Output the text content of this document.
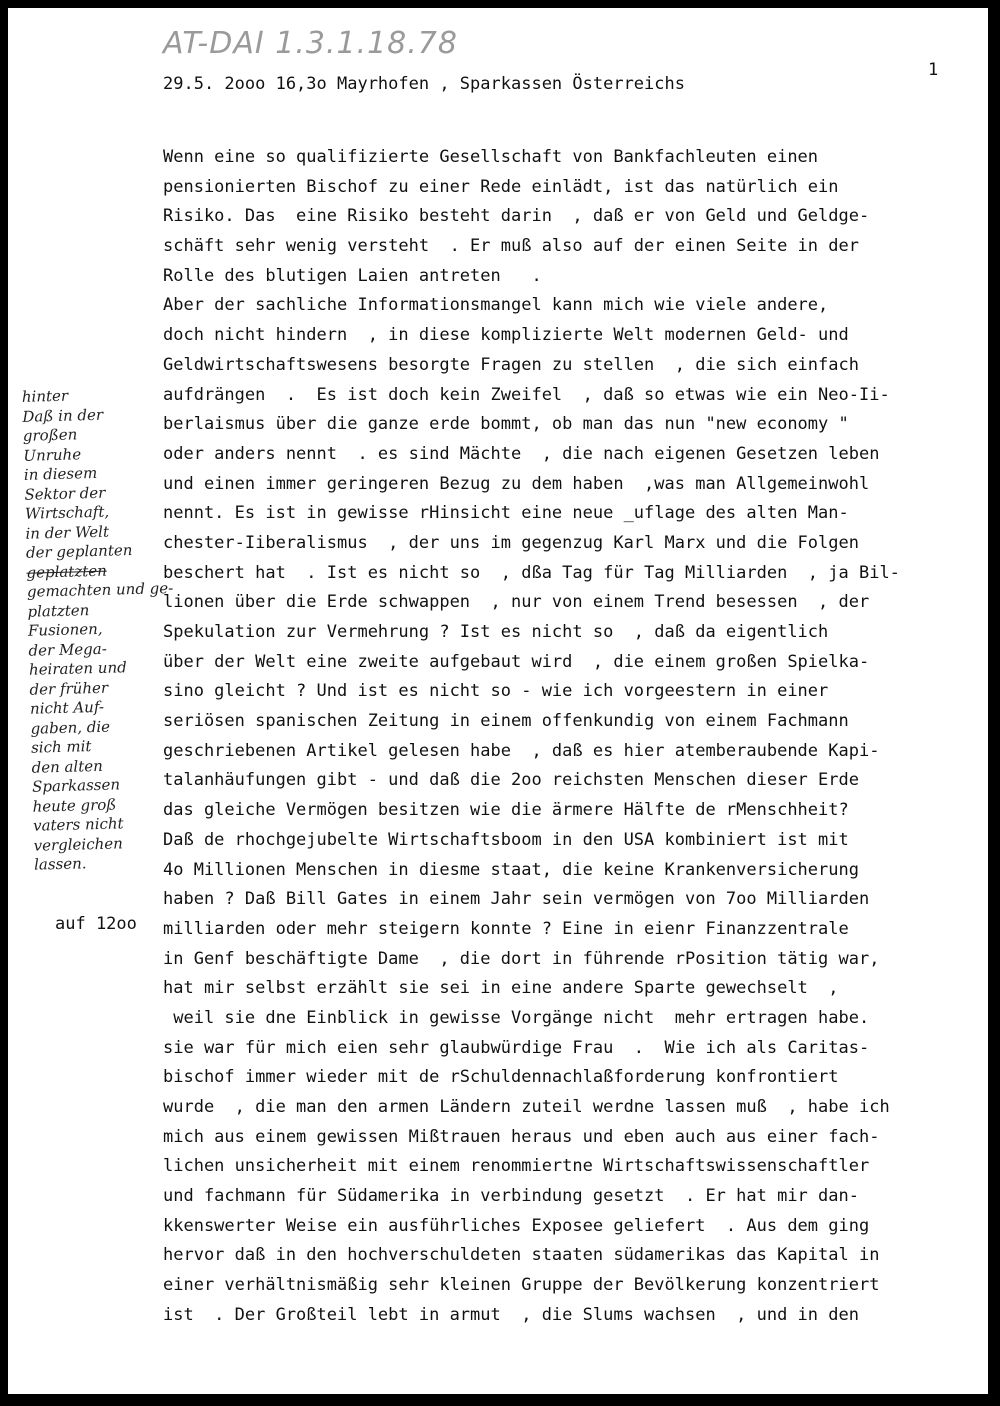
AT-DAI 1.3.1.18.78
1
29.5. 2ooo 16,3o Mayrhofen , Sparkassen Österreichs
Wenn eine so qualifizierte Gesellschaft von Bankfachleuten einen
pensionierten Bischof zu einer Rede einlädt, ist das natürlich ein
Risiko. Das  eine Risiko besteht darin  , daß er von Geld und Geldge-
schäft sehr wenig versteht  . Er muß also auf der einen Seite in der
Rolle des blutigen Laien antreten   .
Aber der sachliche Informationsmangel kann mich wie viele andere,
doch nicht hindern  , in diese komplizierte Welt modernen Geld- und
Geldwirtschaftswesens besorgte Fragen zu stellen  , die sich einfach
aufdrängen  .  Es ist doch kein Zweifel  , daß so etwas wie ein Neo-Ii-
berlaismus über die ganze erde bommt, ob man das nun "new economy "
oder anders nennt  . es sind Mächte  , die nach eigenen Gesetzen leben
und einen immer geringeren Bezug zu dem haben  ,was man Allgemeinwohl
nennt. Es ist in gewisse rHinsicht eine neue _uflage des alten Man-
chester-Iiberalismus  , der uns im gegenzug Karl Marx und die Folgen
beschert hat  . Ist es nicht so  , dßa Tag für Tag Milliarden  , ja Bil-
lionen über die Erde schwappen  , nur von einem Trend besessen  , der
Spekulation zur Vermehrung ? Ist es nicht so  , daß da eigentlich
über der Welt eine zweite aufgebaut wird  , die einem großen Spielka-
sino gleicht ? Und ist es nicht so - wie ich vorgeestern in einer
seriösen spanischen Zeitung in einem offenkundig von einem Fachmann
geschriebenen Artikel gelesen habe  , daß es hier atemberaubende Kapi-
talanhäufungen gibt - und daß die 2oo reichsten Menschen dieser Erde
das gleiche Vermögen besitzen wie die ärmere Hälfte de rMenschheit?
Daß de rhochgejubelte Wirtschaftsboom in den USA kombiniert ist mit
4o Millionen Menschen in diesme staat, die keine Krankenversicherung
haben ? Daß Bill Gates in einem Jahr sein vermögen von 7oo Milliarden
milliarden oder mehr steigern konnte ? Eine in eienr Finanzzentrale
in Genf beschäftigte Dame  , die dort in führende rPosition tätig war,
hat mir selbst erzählt sie sei in eine andere Sparte gewechselt  ,
weil sie dne Einblick in gewisse Vorgänge nicht  mehr ertragen habe.
sie war für mich eien sehr glaubwürdige Frau  .  Wie ich als Caritas-
bischof immer wieder mit de rSchuldennachlaßforderung konfrontiert
wurde  , die man den armen Ländern zuteil werdne lassen muß  , habe ich
mich aus einem gewissen Mißtrauen heraus und eben auch aus einer fach-
lichen unsicherheit mit einem renommiertne Wirtschaftswissenschaftler
und fachmann für Südamerika in verbindung gesetzt  . Er hat mir dan-
kkenswerter Weise ein ausführliches Exposee geliefert  . Aus dem ging
hervor daß in den hochverschuldeten staaten südamerikas das Kapital in
einer verhältnismäßig sehr kleinen Gruppe der Bevölkerung konzentriert
ist  . Der Großteil lebt in armut  , die Slums wachsen  , und in den
hinter
Daß in der
großen
Unruhe
in diesem
Sektor der
Wirtschaft,
in der Welt
der geplanten
geplatzten
gemachten und ge-
platzten
Fusionen,
der Mega-
heiraten und
der früher
nicht Auf-
gaben, die
sich mit
den alten
Sparkassen
heute groß
vaters nicht
vergleichen
lassen.
auf 12oo
